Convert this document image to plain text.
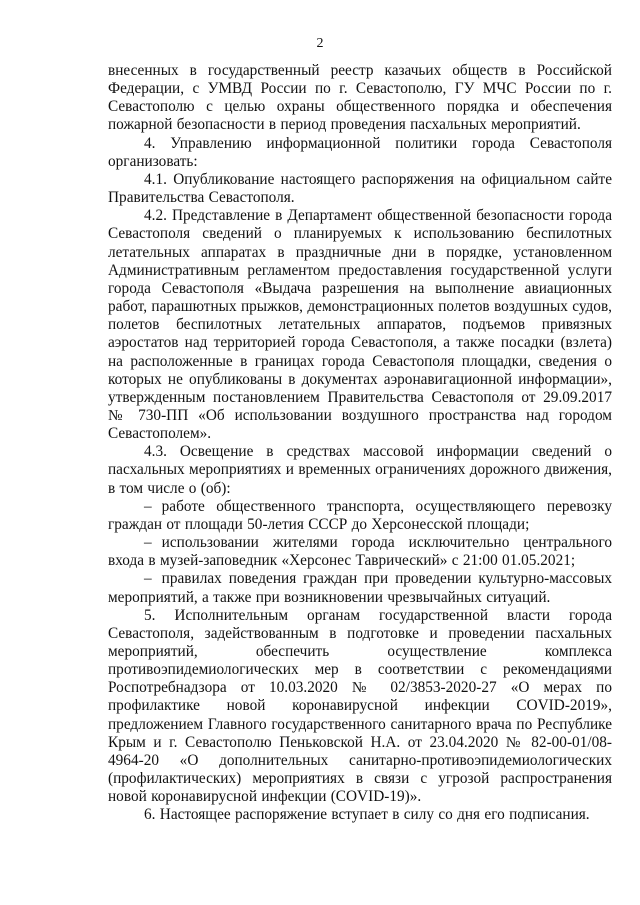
2

внесенных в государственный реестр казачьих обществ в Российской Федерации, с УМВД России по г. Севастополю, ГУ МЧС России по г. Севастополю с целью охраны общественного порядка и обеспечения пожарной безопасности в период проведения пасхальных мероприятий.

4. Управлению информационной политики города Севастополя организовать:

4.1. Опубликование настоящего распоряжения на официальном сайте Правительства Севастополя.

4.2. Представление в Департамент общественной безопасности города Севастополя сведений о планируемых к использованию беспилотных летательных аппаратах в праздничные дни в порядке, установленном Административным регламентом предоставления государственной услуги города Севастополя «Выдача разрешения на выполнение авиационных работ, парашютных прыжков, демонстрационных полетов воздушных судов, полетов беспилотных летательных аппаратов, подъемов привязных аэростатов над территорией города Севастополя, а также посадки (взлета) на расположенные в границах города Севастополя площадки, сведения о которых не опубликованы в документах аэронавигационной информации», утвержденным постановлением Правительства Севастополя от 29.09.2017 № 730-ПП «Об использовании воздушного пространства над городом Севастополем».

4.3. Освещение в средствах массовой информации сведений о пасхальных мероприятиях и временных ограничениях дорожного движения, в том числе о (об):

– работе общественного транспорта, осуществляющего перевозку граждан от площади 50-летия СССР до Херсонесской площади;

– использовании жителями города исключительно центрального входа в музей-заповедник «Херсонес Таврический» с 21:00 01.05.2021;

– правилах поведения граждан при проведении культурно-массовых мероприятий, а также при возникновении чрезвычайных ситуаций.

5. Исполнительным органам государственной власти города Севастополя, задействованным в подготовке и проведении пасхальных мероприятий, обеспечить осуществление комплекса противоэпидемиологических мер в соответствии с рекомендациями Роспотребнадзора от 10.03.2020 № 02/3853-2020-27 «О мерах по профилактике новой коронавирусной инфекции COVID-2019», предложением Главного государственного санитарного врача по Республике Крым и г. Севастополю Пеньковской Н.А. от 23.04.2020 № 82-00-01/08-4964-20 «О дополнительных санитарно-противоэпидемиологических (профилактических) мероприятиях в связи с угрозой распространения новой коронавирусной инфекции (COVID-19)».

6. Настоящее распоряжение вступает в силу со дня его подписания.
